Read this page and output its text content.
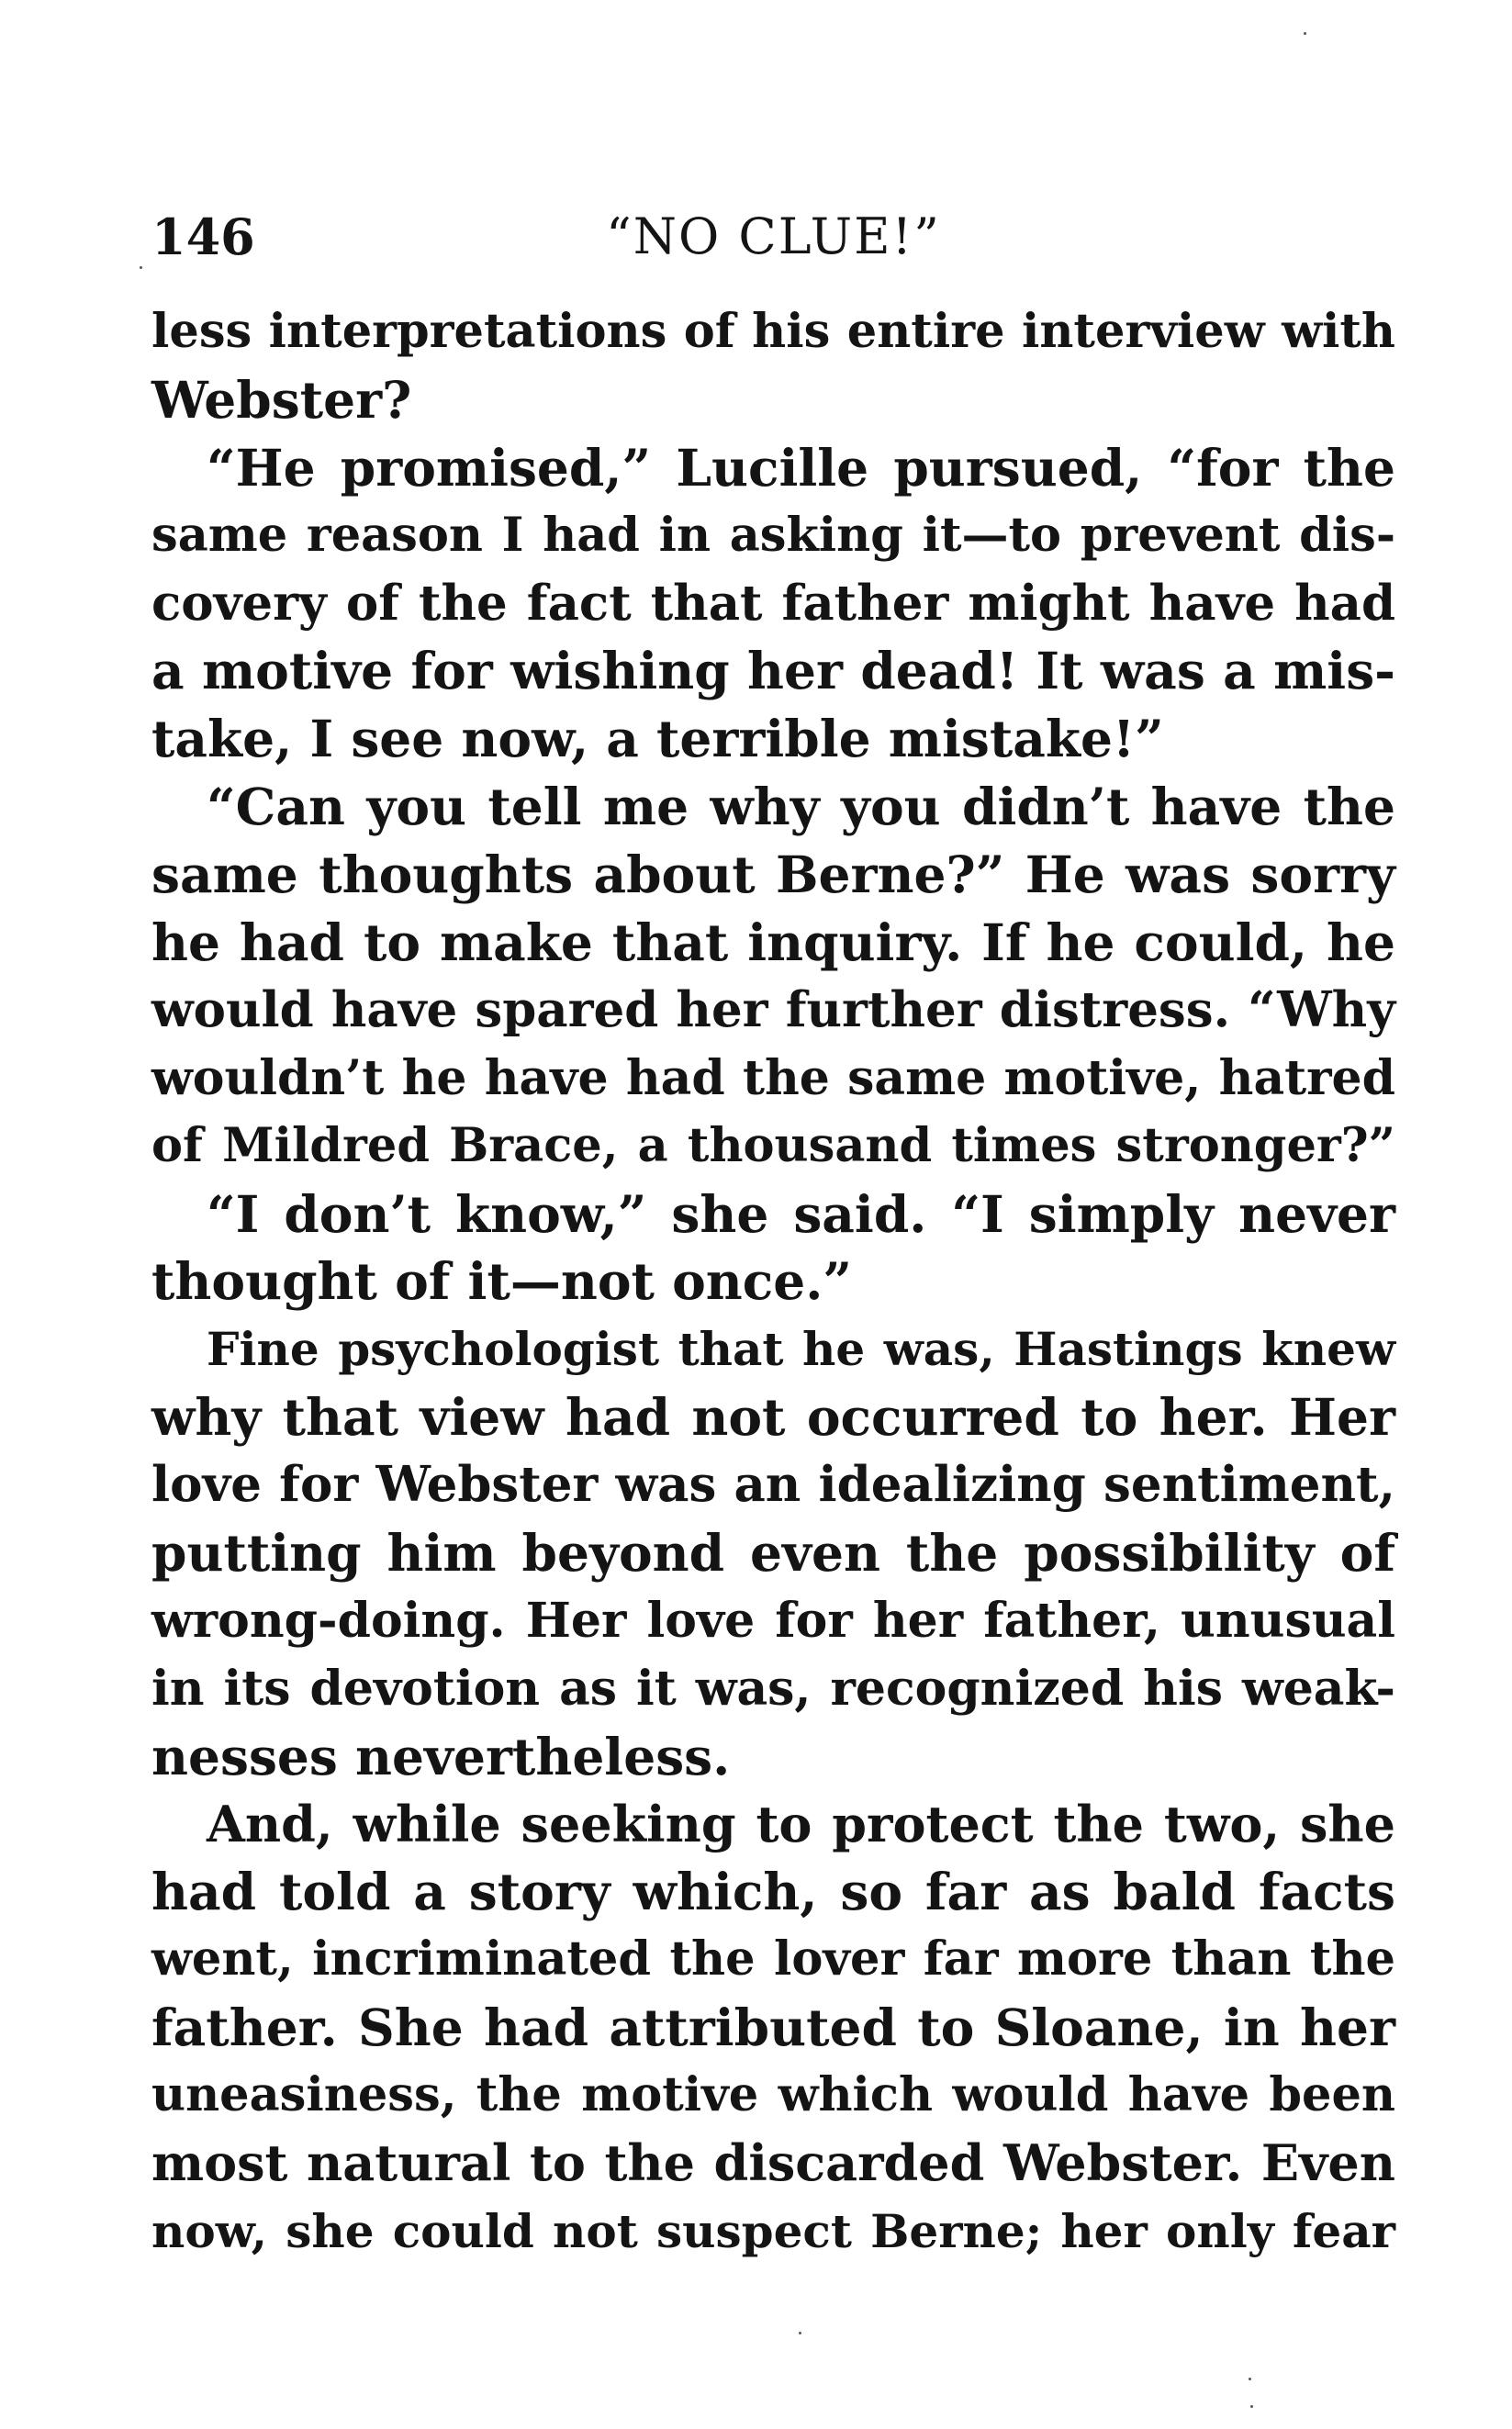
146	“NO CLUE!”
less interpretations of his entire interview with
Webster?
“He promised,” Lucille pursued, “for the
same reason I had in asking it—to prevent dis-
covery of the fact that father might have had
a motive for wishing her dead! It was a mis-
take, I see now, a terrible mistake!”
“Can you tell me why you didn’t have the
same thoughts about Berne?” He was sorry
he had to make that inquiry. If he could, he
would have spared her further distress. “Why
wouldn’t he have had the same motive, hatred
of Mildred Brace, a thousand times stronger?”
“I don’t know,” she said. “I simply never
thought of it—not once.”
Fine psychologist that he was, Hastings knew
why that view had not occurred to her. Her
love for Webster was an idealizing sentiment,
putting him beyond even the possibility of
wrong-doing. Her love for her father, unusual
in its devotion as it was, recognized his weak-
nesses nevertheless.
And, while seeking to protect the two, she
had told a story which, so far as bald facts
went, incriminated the lover far more than the
father. She had attributed to Sloane, in her
uneasiness, the motive which would have been
most natural to the discarded Webster. Even
now, she could not suspect Berne; her only fear
